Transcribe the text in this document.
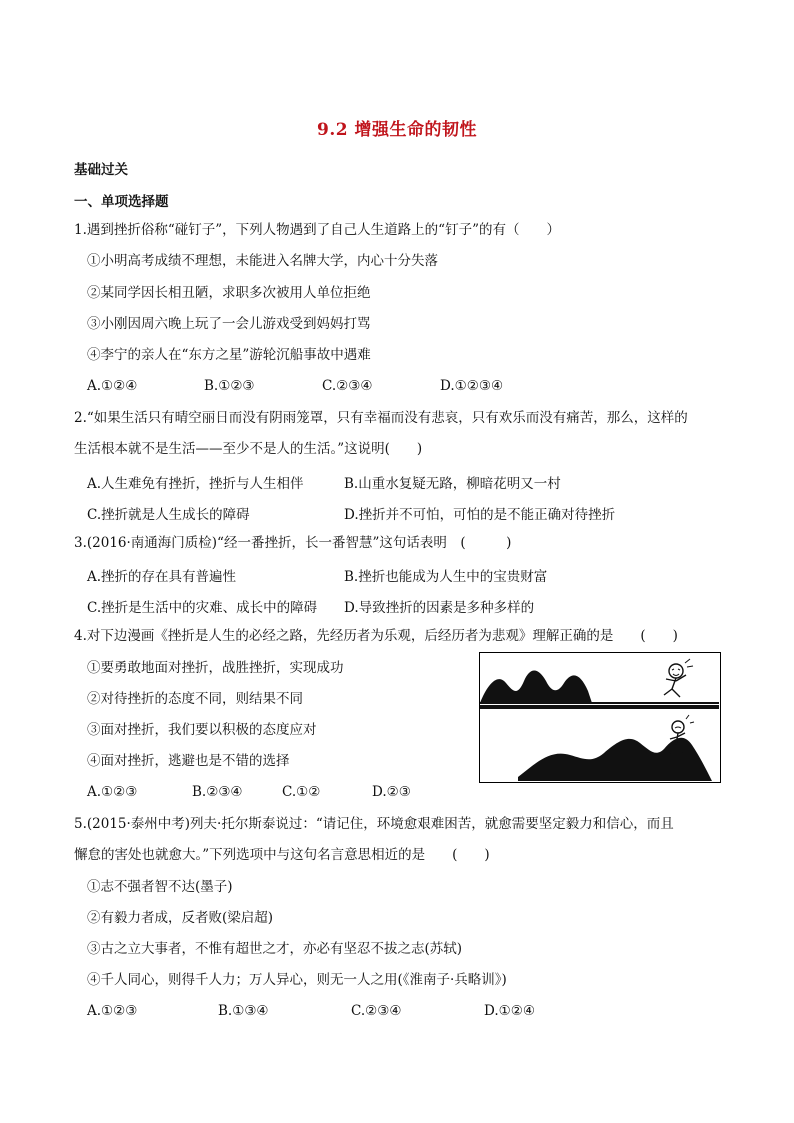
9.2 增强生命的韧性
基础过关
一、单项选择题
1.遇到挫折俗称“碰钉子”，下列人物遇到了自己人生道路上的“钉子”的有（　　）
①小明高考成绩不理想，未能进入名牌大学，内心十分失落
②某同学因长相丑陋，求职多次被用人单位拒绝
③小刚因周六晚上玩了一会儿游戏受到妈妈打骂
④李宁的亲人在“东方之星”游轮沉船事故中遇难
A.①②④	B.①②③	C.②③④	D.①②③④
2.“如果生活只有晴空丽日而没有阴雨笼罩，只有幸福而没有悲哀，只有欢乐而没有痛苦，那么，这样的
生活根本就不是生活——至少不是人的生活。”这说明(　　)
A.人生难免有挫折，挫折与人生相伴	B.山重水复疑无路，柳暗花明又一村
C.挫折就是人生成长的障碍	D.挫折并不可怕，可怕的是不能正确对待挫折
3.(2016·南通海门质检)“经一番挫折，长一番智慧”这句话表明　(　　　)
A.挫折的存在具有普遍性	B.挫折也能成为人生中的宝贵财富
C.挫折是生活中的灾难、成长中的障碍 D.导致挫折的因素是多种多样的
4.对下边漫画《挫折是人生的必经之路，先经历者为乐观，后经历者为悲观》理解正确的是　　(　　)
①要勇敢地面对挫折，战胜挫折，实现成功
②对待挫折的态度不同，则结果不同
③面对挫折，我们要以积极的态度应对
④面对挫折，逃避也是不错的选择
A.①②③	B.②③④	C.①②	D.②③
5.(2015·泰州中考)列夫·托尔斯泰说过：“请记住，环境愈艰难困苦，就愈需要坚定毅力和信心，而且
懈怠的害处也就愈大。”下列选项中与这句名言意思相近的是　　(　　)
①志不强者智不达(墨子)
②有毅力者成，反者败(梁启超)
③古之立大事者，不惟有超世之才，亦必有坚忍不拔之志(苏轼)
④千人同心，则得千人力；万人异心，则无一人之用(《淮南子·兵略训》)
A.①②③	B.①③④	C.②③④	D.①②④
